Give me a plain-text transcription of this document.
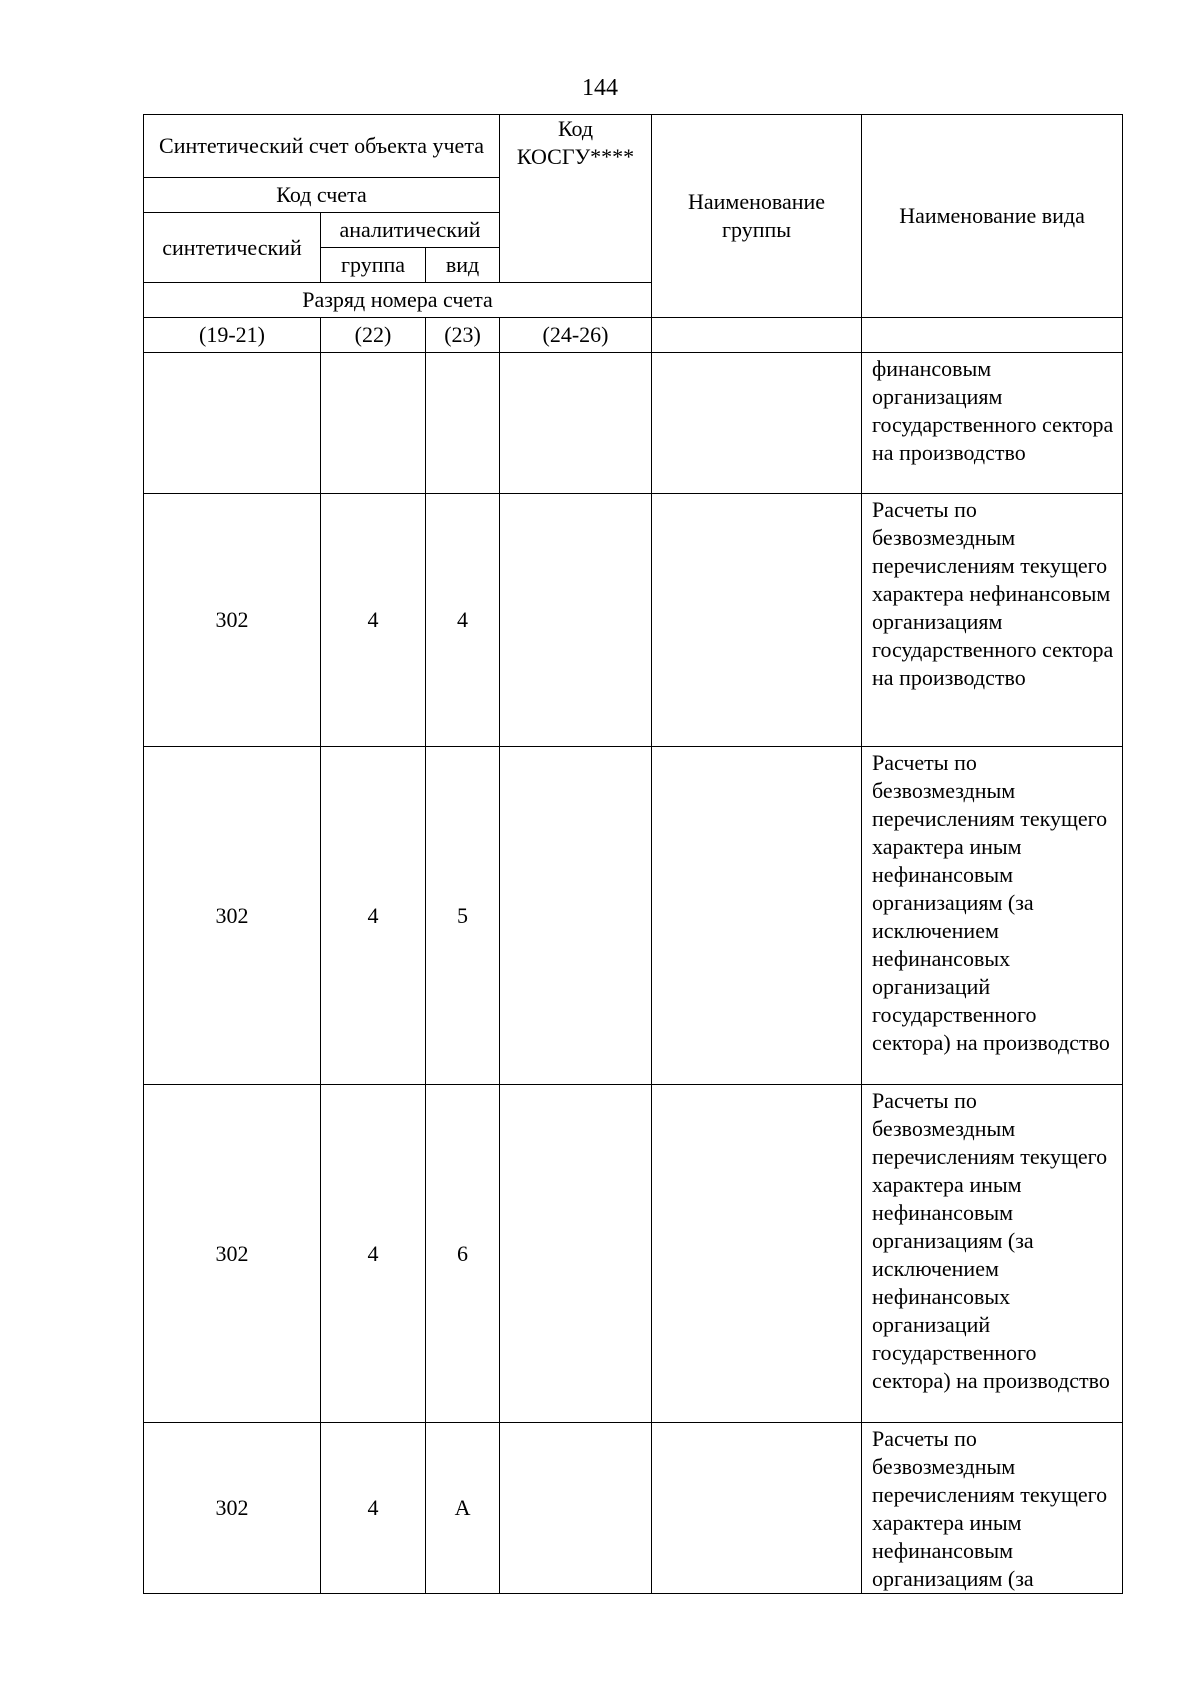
144
Синтетический счет объекта учета			Код КОСГУ****	Наименование группы	Наименование вида
Код счета					
синтетический	аналитический				
	группа	вид			
Разряд номера счета					
(19-21)	(22)	(23)	(24-26)		
					финансовым организациям государственного сектора на производство
302	4	4			Расчеты по безвозмездным перечислениям текущего характера нефинансовым организациям государственного сектора на производство
302	4	5			Расчеты по безвозмездным перечислениям текущего характера иным нефинансовым организациям (за исключением нефинансовых организаций государственного сектора) на производство
302	4	6			Расчеты по безвозмездным перечислениям текущего характера иным нефинансовым организациям (за исключением нефинансовых организаций государственного сектора) на производство
302	4	А			Расчеты по безвозмездным перечислениям текущего характера иным нефинансовым организациям (за
